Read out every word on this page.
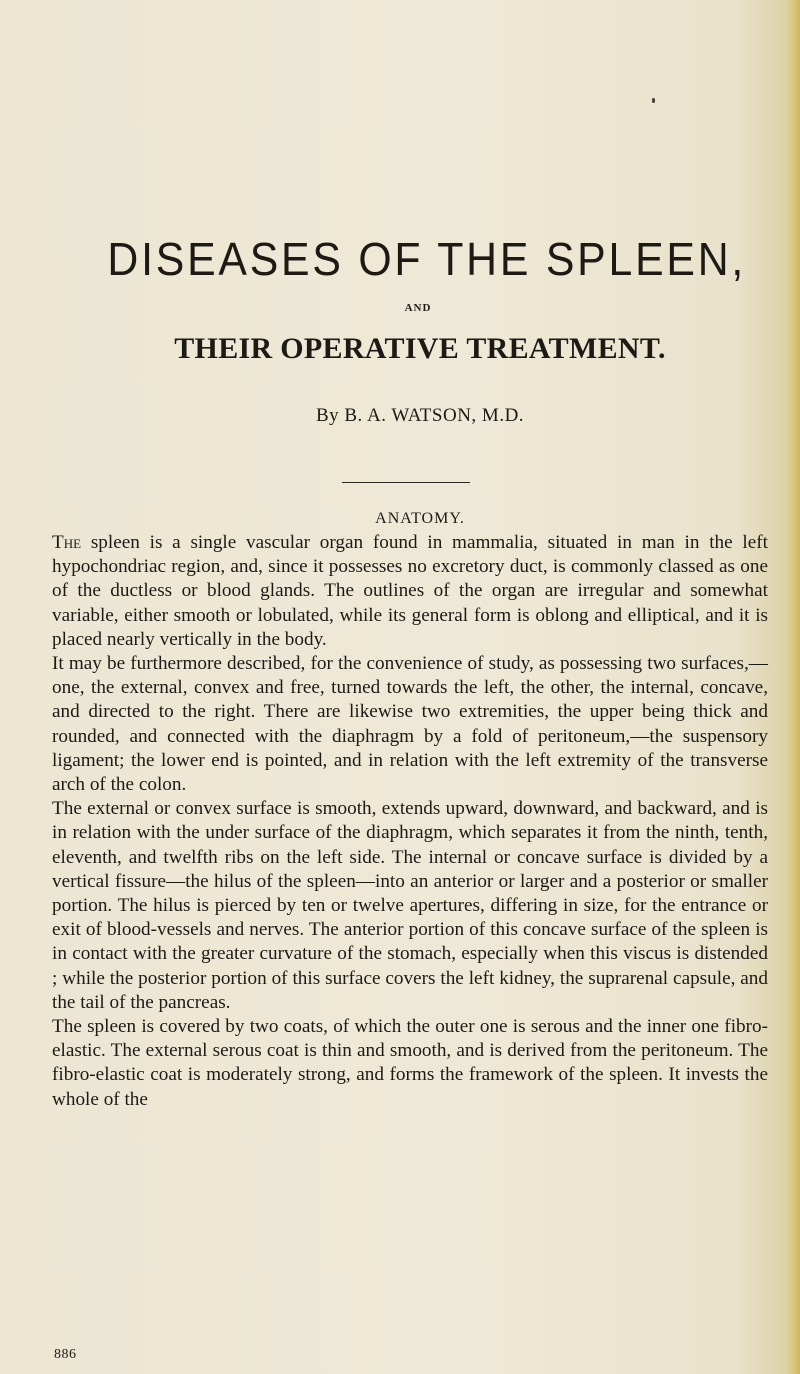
DISEASES OF THE SPLEEN,
AND
THEIR OPERATIVE TREATMENT.
By B. A. WATSON, M.D.
ANATOMY.

The spleen is a single vascular organ found in mammalia, situated in man in the left hypochondriac region, and, since it possesses no excretory duct, is commonly classed as one of the ductless or blood glands. The outlines of the organ are irregular and somewhat variable, either smooth or lobulated, while its general form is oblong and elliptical, and it is placed nearly vertically in the body.

It may be furthermore described, for the convenience of study, as possessing two surfaces,—one, the external, convex and free, turned towards the left, the other, the internal, concave, and directed to the right. There are likewise two extremities, the upper being thick and rounded, and connected with the diaphragm by a fold of peritoneum,—the suspensory ligament; the lower end is pointed, and in relation with the left extremity of the transverse arch of the colon.

The external or convex surface is smooth, extends upward, downward, and backward, and is in relation with the under surface of the diaphragm, which separates it from the ninth, tenth, eleventh, and twelfth ribs on the left side. The internal or concave surface is divided by a vertical fissure—the hilus of the spleen—into an anterior or larger and a posterior or smaller portion. The hilus is pierced by ten or twelve apertures, differing in size, for the entrance or exit of blood-vessels and nerves. The anterior portion of this concave surface of the spleen is in contact with the greater curvature of the stomach, especially when this viscus is distended ; while the posterior portion of this surface covers the left kidney, the suprarenal capsule, and the tail of the pancreas.

The spleen is covered by two coats, of which the outer one is serous and the inner one fibro-elastic. The external serous coat is thin and smooth, and is derived from the peritoneum. The fibro-elastic coat is moderately strong, and forms the framework of the spleen. It invests the whole of the

886
